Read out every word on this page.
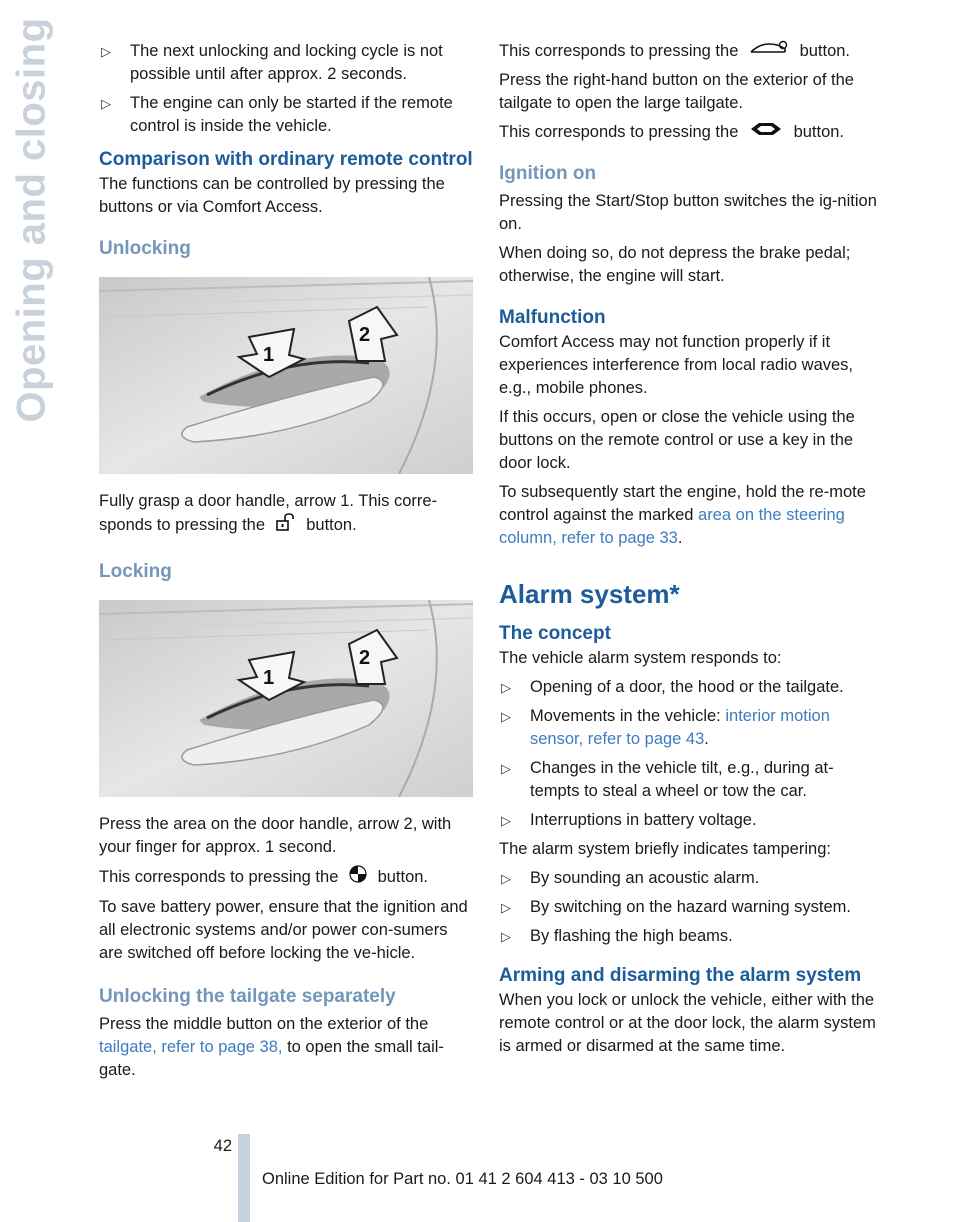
Opening and closing	▷ The next unlocking and locking cycle is not possible until after approx. 2 seconds.
▷ The engine can only be started if the remote control is inside the vehicle.
Comparison with ordinary remote control

The functions can be controlled by pressing the buttons or via Comfort Access.

Unlocking
1
2

Fully grasp a door handle, arrow 1. This corre-sponds to pressing the button.

Locking
1
2

Press the area on the door handle, arrow 2, with your finger for approx. 1 second.

This corresponds to pressing the button.

To save battery power, ensure that the ignition and all electronic systems and/or power con-sumers are switched off before locking the ve-hicle.

Unlocking the tailgate separately

Press the middle button on the exterior of the tailgate, refer to page 38, to open the small tail-gate.

This corresponds to pressing the	button.

Press the right-hand button on the exterior of the tailgate to open the large tailgate.

This corresponds to pressing the	button.

Ignition on

Pressing the Start/Stop button switches the ig-nition on.

When doing so, do not depress the brake pedal; otherwise, the engine will start.

Malfunction

Comfort Access may not function properly if it experiences interference from local radio waves, e.g., mobile phones.

If this occurs, open or close the vehicle using the buttons on the remote control or use a key in the door lock.

To subsequently start the engine, hold the re-mote control against the marked area on the steering column, refer to page 33.

Alarm system*
The concept

The vehicle alarm system responds to:

▷ Opening of a door, the hood or the tailgate.
▷ Movements in the vehicle: interior motion sensor, refer to page 43.
▷ Changes in the vehicle tilt, e.g., during at-tempts to steal a wheel or tow the car.
▷ Interruptions in battery voltage.

The alarm system briefly indicates tampering:

▷ By sounding an acoustic alarm.
▷ By switching on the hazard warning system.
▷ By flashing the high beams.
Arming and disarming the alarm system

When you lock or unlock the vehicle, either with the remote control or at the door lock, the alarm system is armed or disarmed at the same time.

42
Online Edition for Part no. 01 41 2 604 413 - 03 10 500
